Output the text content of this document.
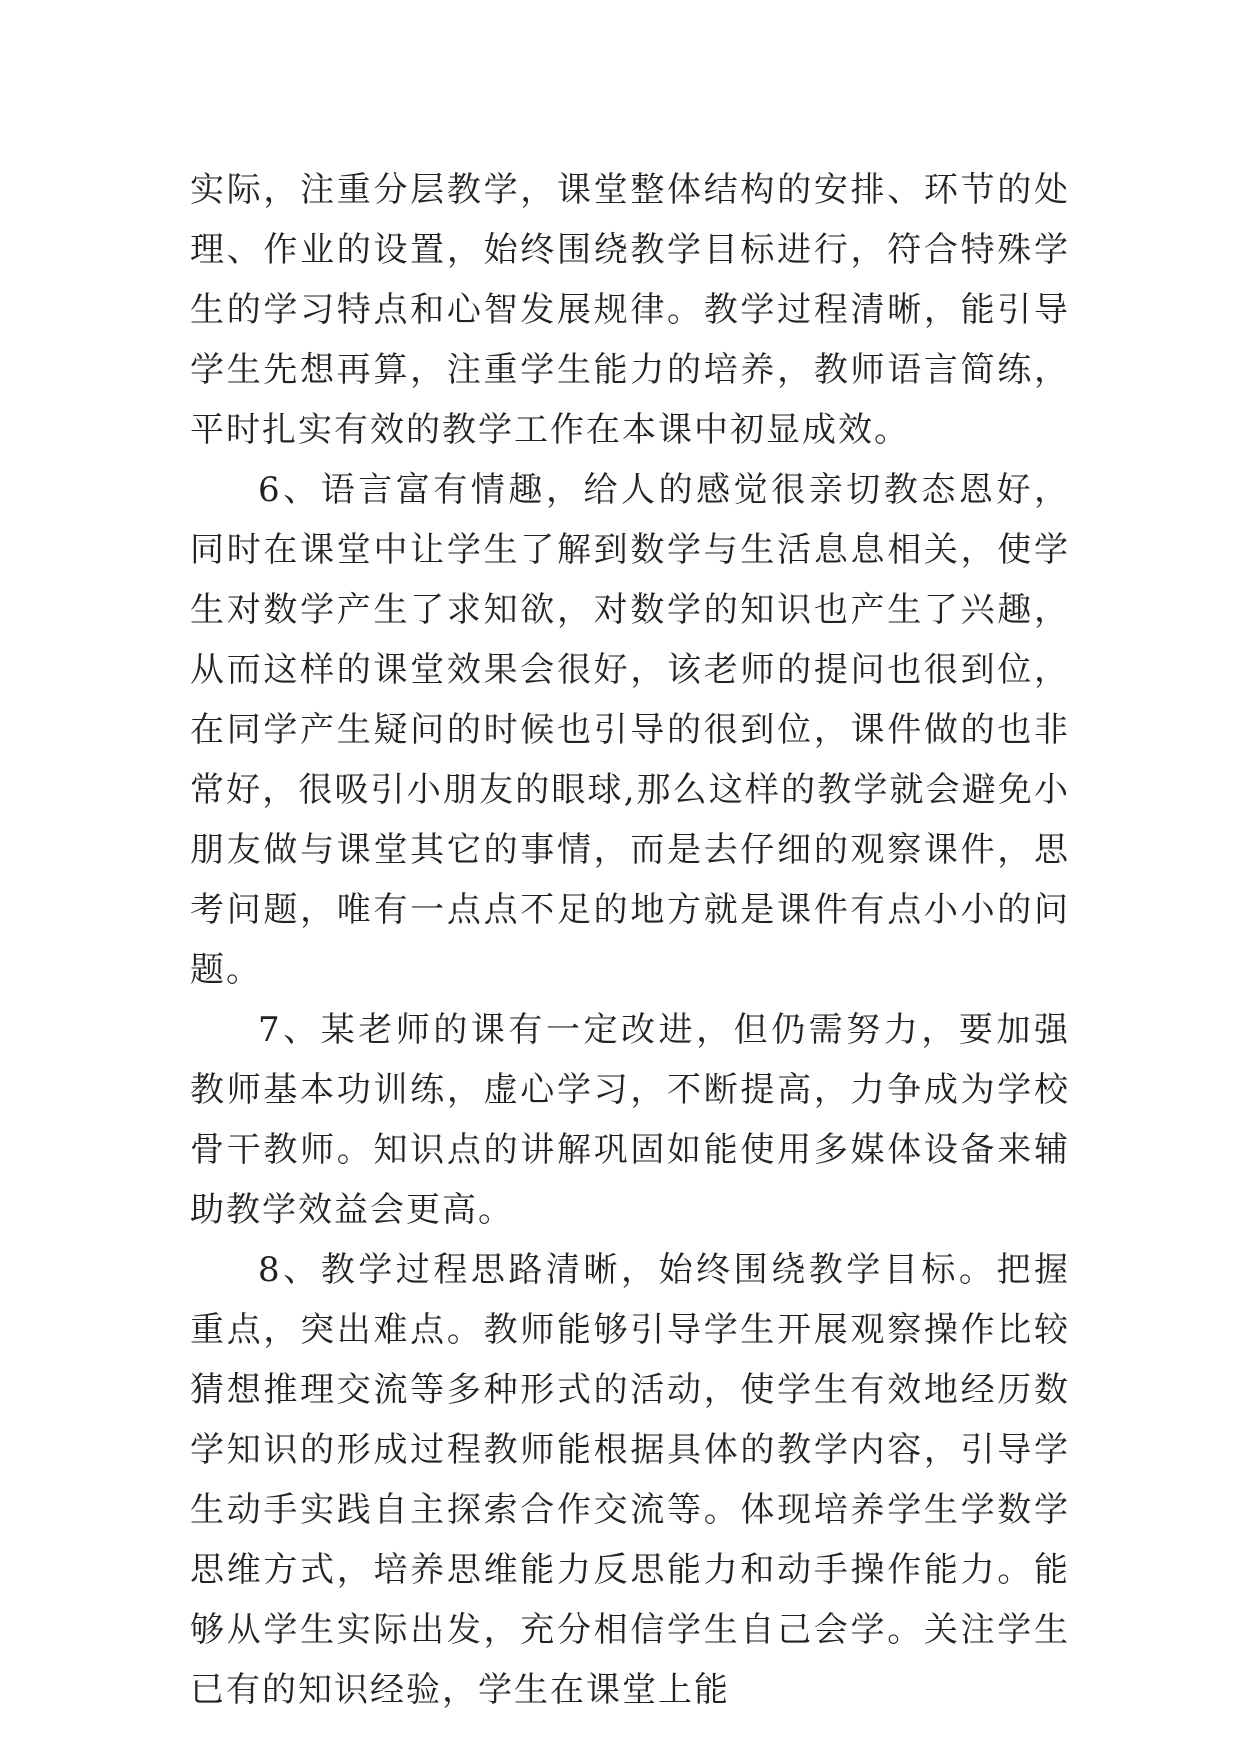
实际，注重分层教学，课堂整体结构的安排、环节的处理、作业的设置，始终围绕教学目标进行，符合特殊学生的学习特点和心智发展规律。教学过程清晰，能引导学生先想再算，注重学生能力的培养，教师语言简练，平时扎实有效的教学工作在本课中初显成效。

6、语言富有情趣，给人的感觉很亲切教态恩好，同时在课堂中让学生了解到数学与生活息息相关，使学生对数学产生了求知欲，对数学的知识也产生了兴趣，从而这样的课堂效果会很好，该老师的提问也很到位，在同学产生疑问的时候也引导的很到位，课件做的也非常好，很吸引小朋友的眼球,那么这样的教学就会避免小朋友做与课堂其它的事情，而是去仔细的观察课件，思考问题，唯有一点点不足的地方就是课件有点小小的问题。

7、某老师的课有一定改进，但仍需努力，要加强教师基本功训练，虚心学习，不断提高，力争成为学校骨干教师。知识点的讲解巩固如能使用多媒体设备来辅助教学效益会更高。

8、教学过程思路清晰，始终围绕教学目标。把握重点，突出难点。教师能够引导学生开展观察操作比较猜想推理交流等多种形式的活动，使学生有效地经历数学知识的形成过程教师能根据具体的教学内容，引导学生动手实践自主探索合作交流等。体现培养学生学数学思维方式，培养思维能力反思能力和动手操作能力。能够从学生实际出发，充分相信学生自己会学。关注学生已有的知识经验，学生在课堂上能
